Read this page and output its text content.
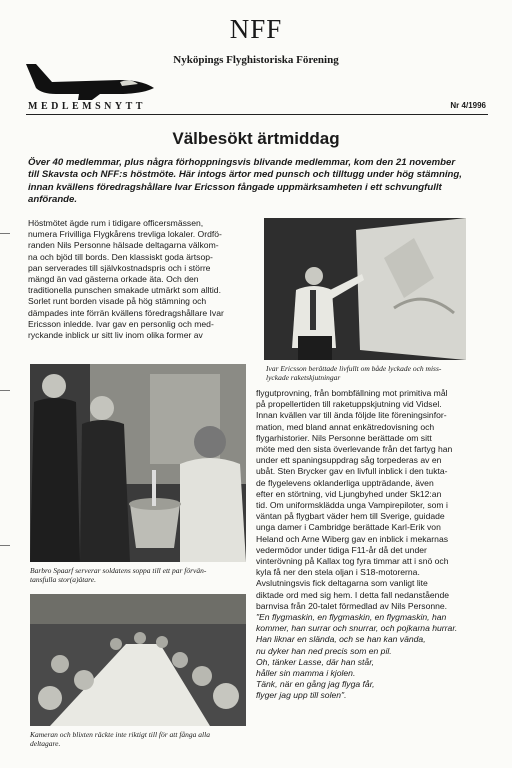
NFF
Nyköpings Flyghistoriska Förening
MEDLEMSNYTT	Nr 4/1996
Välbesökt ärtmiddag
Över 40 medlemmar, plus några förhoppningsvis blivande medlemmar, kom den 21 november
till Skavsta och NFF:s höstmöte. Här intogs ärtor med punsch och tilltugg under hög stämning,
innan kvällens föredragshållare Ivar Ericsson fångade uppmärksamheten i ett schvungfullt
anförande.
Höstmötet ägde rum i tidigare officersmässen,
numera Frivilliga Flygkårens trevliga lokaler. Ordfö-
randen Nils Personne hälsade deltagarna välkom-
na och bjöd till bords. Den klassiskt goda ärtsop-
pan serverades till självkostnadspris och i större
mängd än vad gästerna orkade äta. Och den
traditionella punschen smakade utmärkt som alltid.
Sorlet runt borden visade på hög stämning och
dämpades inte förrän kvällens föredragshållare Ivar
Ericsson inledde. Ivar gav en personlig och med-
ryckande inblick ur sitt liv inom olika former av
Ivar Ericsson berättade livfullt om både lyckade och miss-
lyckade raketskjutningar
Barbro Spaarf serverar soldatens soppa till ett par förvän-
tansfulla stor(a)ätare.
Kameran och blixten räckte inte riktigt till för att fånga alla
deltagare.
flygutprovning, från bombfällning mot primitiva mål
på propellertiden till raketuppskjutning vid Vidsel.
Innan kvällen var till ända följde lite föreningsinfor-
mation, med bland annat enkätredovisning och
flygarhistorier. Nils Personne berättade om sitt
möte med den sista överlevande från det fartyg han
under ett spaningsuppdrag såg torpederas av en
ubåt. Sten Brycker gav en livfull inblick i den tukta-
de flygelevens oklanderliga uppträdande, även
efter en störtning, vid Ljungbyhed under Sk12:an
tid. Om uniformsklädda unga Vampirepiloter, som i
väntan på flygbart väder hem till Sverige, guidade
unga damer i Cambridge berättade Karl-Erik von
Heland och Arne Wiberg gav en inblick i mekarnas
vedermödor under tidiga F11-år då det under
vinterövning på Kallax tog fyra timmar att i snö och
kyla få ner den stela oljan i S18-motorerna.
Avslutningsvis fick deltagarna som vanligt lite
diktade ord med sig hem. I detta fall nedanstående
barnvisa från 20-talet förmedlad av Nils Personne.
"En flygmaskin, en flygmaskin, en flygmaskin, han
kommer, han surrar och snurrar, och pojkarna hurrar.
Han liknar en slända, och se han kan vända,
nu dyker han ned precis som en pil.
Oh, tänker Lasse, där han står,
håller sin mamma i kjolen.
Tänk, när en gång jag flyga får,
flyger jag upp till solen".
